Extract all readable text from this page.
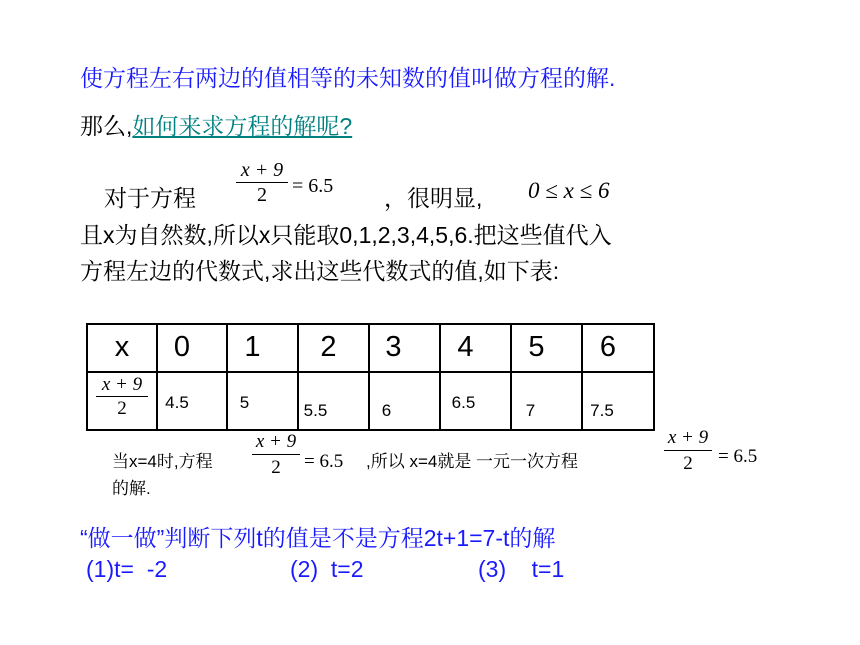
使方程左右两边的值相等的未知数的值叫做方程的解.
那么,如何来求方程的解呢?
对于方程
x + 9
2	= 6.5 ，很明显, 0 ≤ x ≤ 6
且x为自然数,所以x只能取0,1,2,3,4,5,6.把这些值代入
方程左边的代数式,求出这些代数式的值,如下表:
x	0	1	2	3	4	5	6

x + 9
2	4.5	5	5.5	6	6.5	7	7.5
当x=4时,方程
x + 9
2	= 6.5 ,所以 x=4就是 一元一次方程
x + 9
2	= 6.5
的解.
“做一做”判断下列t的值是不是方程2t+1=7-t的解
(1)t=  -2	(2)  t=2	(3)    t=1
